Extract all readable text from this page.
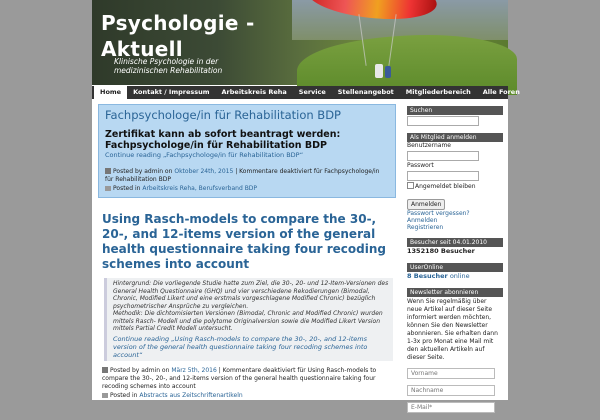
Psychologie - Aktuell
Klinische Psychologie in der medizinischen Rehabilitation
Home	Kontakt / Impressum	Arbeitskreis Reha	Service	Stellenangebot	Mitgliederbereich	Alle Foren
Fachpsychologe/in für Rehabilitation BDP
Zertifikat kann ab sofort beantragt werden: Fachpsychologe/in für Rehabilitation BDP
Continue reading „Fachpsychologe/in für Rehabilitation BDP“
Posted by admin on Oktober 24th, 2015 | Kommentare deaktiviert für Fachpsychologe/in für Rehabilitation BDP
Posted in Arbeitskreis Reha, Berufsverband BDP
Using Rasch-models to compare the 30-, 20-, and 12-items version of the general health questionnaire taking four recoding schemes into account

Hintergrund: Die vorliegende Studie hatte zum Ziel, die 30-, 20- und 12-Item-Versionen des General Health Questionnaire (GHQ) und vier verschiedene Rekodierungen (Bimodal, Chronic, Modified Likert und eine erstmals vorgeschlagene Modified Chronic) bezüglich psychometrischer Ansprüche zu vergleichen.

Methodik: Die dichtomisierten Versionen (Bimodal, Chronic and Modified Chronic) wurden mittels Rasch- Modell und die polytome Originalversion sowie die Modified Likert Version mittels Partial Credit Modell untersucht.

Continue reading „Using Rasch-models to compare the 30-, 20-, and 12-items version of the general health questionnaire taking four recoding schemes into account“
Posted by admin on März 5th, 2016 | Kommentare deaktiviert für Using Rasch-models to compare the 30-, 20-, and 12-items version of the general health questionnaire taking four recoding schemes into account
Posted in Abstracts aus Zeitschriftenartikeln
Suchen
Als Mitglied anmelden
Benutzername
Passwort
Angemeldet bleiben
Anmelden
Passwort vergessen?
Anmelden
Registrieren
Besucher seit 04.01.2010
1352180 Besucher
UserOnline
8 Besucher online
Newsletter abonnieren
Wenn Sie regelmäßig über neue Artikel auf dieser Seite informiert werden möchten, können Sie den Newsletter abonnieren. Sie erhalten dann 1-3x pro Monat eine Mail mit den aktuellen Artikeln auf dieser Seite.
Vorname
Nachname
E-Mail*
